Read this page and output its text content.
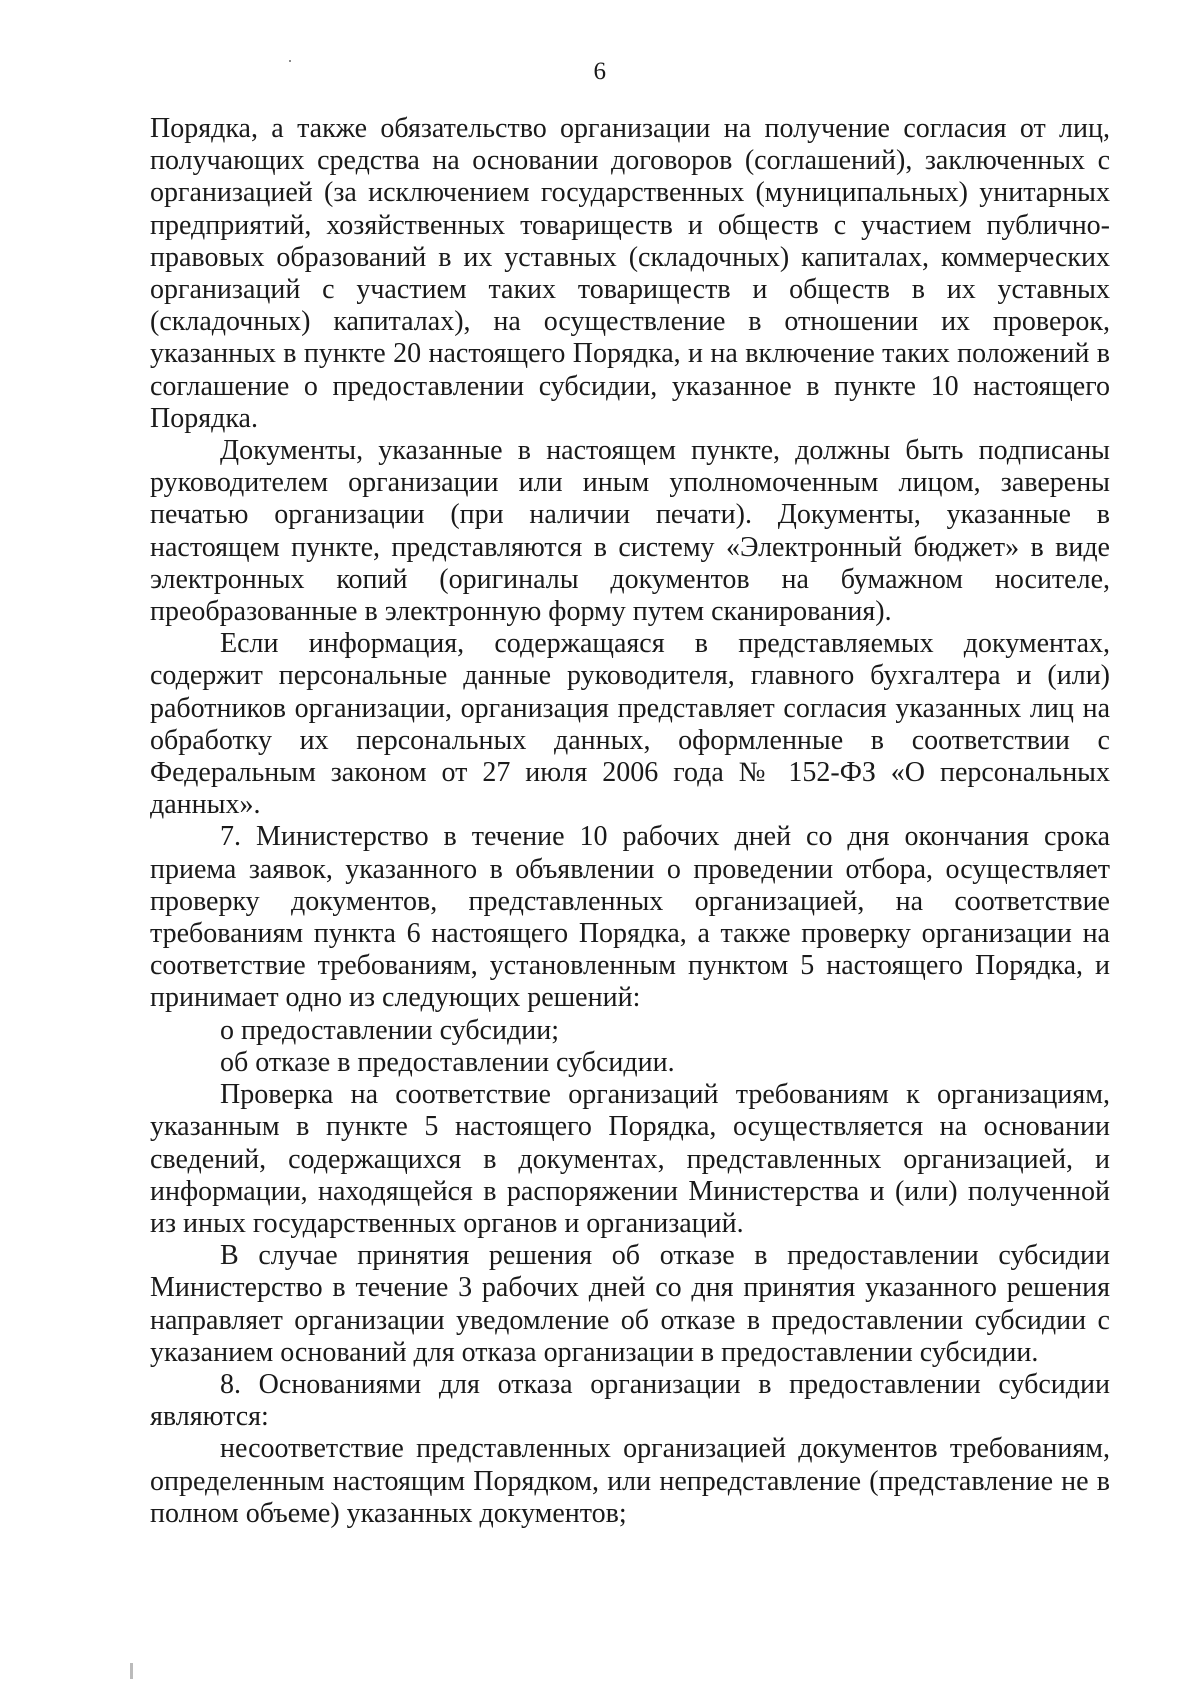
6

Порядка, а также обязательство организации на получение согласия от лиц, получающих средства на основании договоров (соглашений), заключенных с организацией (за исключением государственных (муниципальных) унитарных предприятий, хозяйственных товариществ и обществ с участием публично-правовых образований в их уставных (складочных) капиталах, коммерческих организаций с участием таких товариществ и обществ в их уставных (складочных) капиталах), на осуществление в отношении их проверок, указанных в пункте 20 настоящего Порядка, и на включение таких положений в соглашение о предоставлении субсидии, указанное в пункте 10 настоящего Порядка.

Документы, указанные в настоящем пункте, должны быть подписаны руководителем организации или иным уполномоченным лицом, заверены печатью организации (при наличии печати). Документы, указанные в настоящем пункте, представляются в систему «Электронный бюджет» в виде электронных копий (оригиналы документов на бумажном носителе, преобразованные в электронную форму путем сканирования).

Если информация, содержащаяся в представляемых документах, содержит персональные данные руководителя, главного бухгалтера и (или) работников организации, организация представляет согласия указанных лиц на обработку их персональных данных, оформленные в соответствии с Федеральным законом от 27 июля 2006 года № 152-ФЗ «О персональных данных».

7. Министерство в течение 10 рабочих дней со дня окончания срока приема заявок, указанного в объявлении о проведении отбора, осуществляет проверку документов, представленных организацией, на соответствие требованиям пункта 6 настоящего Порядка, а также проверку организации на соответствие требованиям, установленным пунктом 5 настоящего Порядка, и принимает одно из следующих решений:

о предоставлении субсидии;

об отказе в предоставлении субсидии.

Проверка на соответствие организаций требованиям к организациям, указанным в пункте 5 настоящего Порядка, осуществляется на основании сведений, содержащихся в документах, представленных организацией, и информации, находящейся в распоряжении Министерства и (или) полученной из иных государственных органов и организаций.

В случае принятия решения об отказе в предоставлении субсидии Министерство в течение 3 рабочих дней со дня принятия указанного решения направляет организации уведомление об отказе в предоставлении субсидии с указанием оснований для отказа организации в предоставлении субсидии.

8. Основаниями для отказа организации в предоставлении субсидии являются:

несоответствие представленных организацией документов требованиям, определенным настоящим Порядком, или непредставление (представление не в полном объеме) указанных документов;
